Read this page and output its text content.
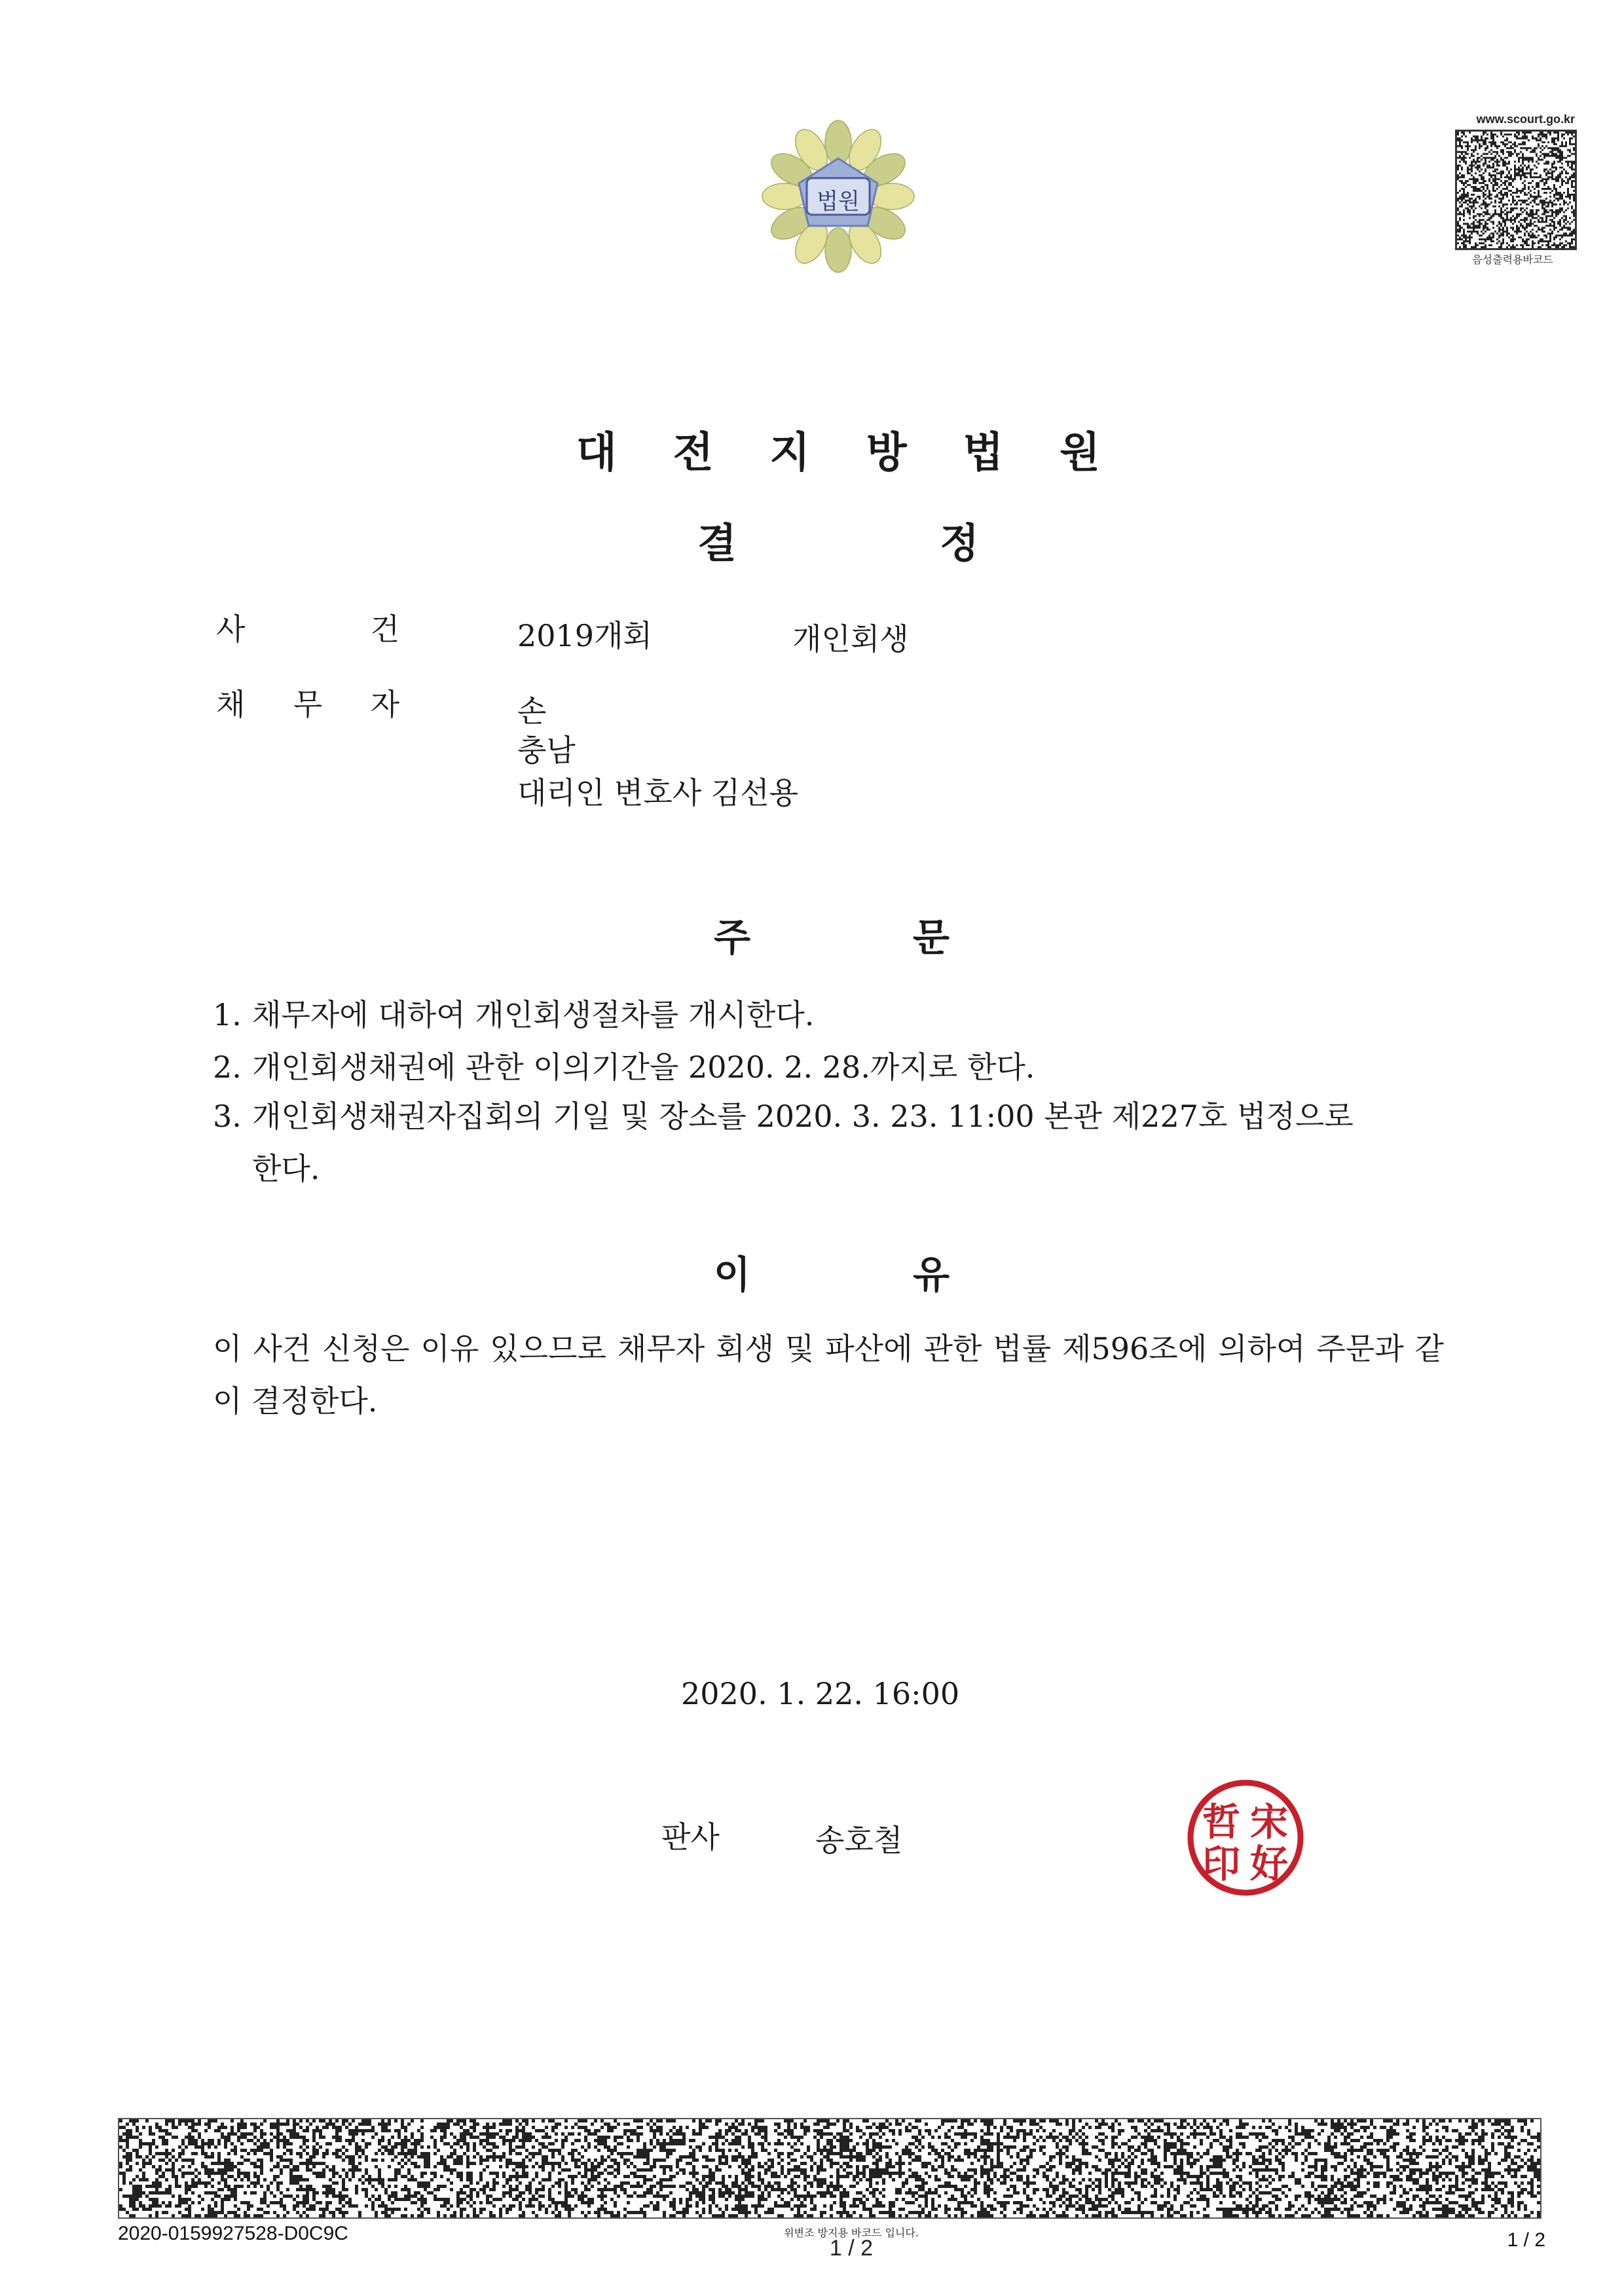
법원
www.scourt.go.kr
음성출력용바코드
대 전 지 방 법 원
결	정
사	건	2019개회	개인회생
채 무 자	손
충남
대리인 변호사 김선용
주	문
1. 채무자에 대하여 개인회생절차를 개시한다.
2. 개인회생채권에 관한 이의기간을 2020. 2. 28.까지로 한다.
3. 개인회생채권자집회의 기일 및 장소를 2020. 3. 23. 11:00 본관 제227호 법정으로
한다.
이	유
이 사건 신청은 이유 있으므로 채무자 회생 및 파산에 관한 법률 제596조에 의하여 주문과 같이 결정한다.
2020. 1. 22. 16:00
판사	송호철	哲 宋
印 好
2020-0159927528-D0C9C	위변조 방지용 바코드 입니다.
1 / 2	1 / 2
